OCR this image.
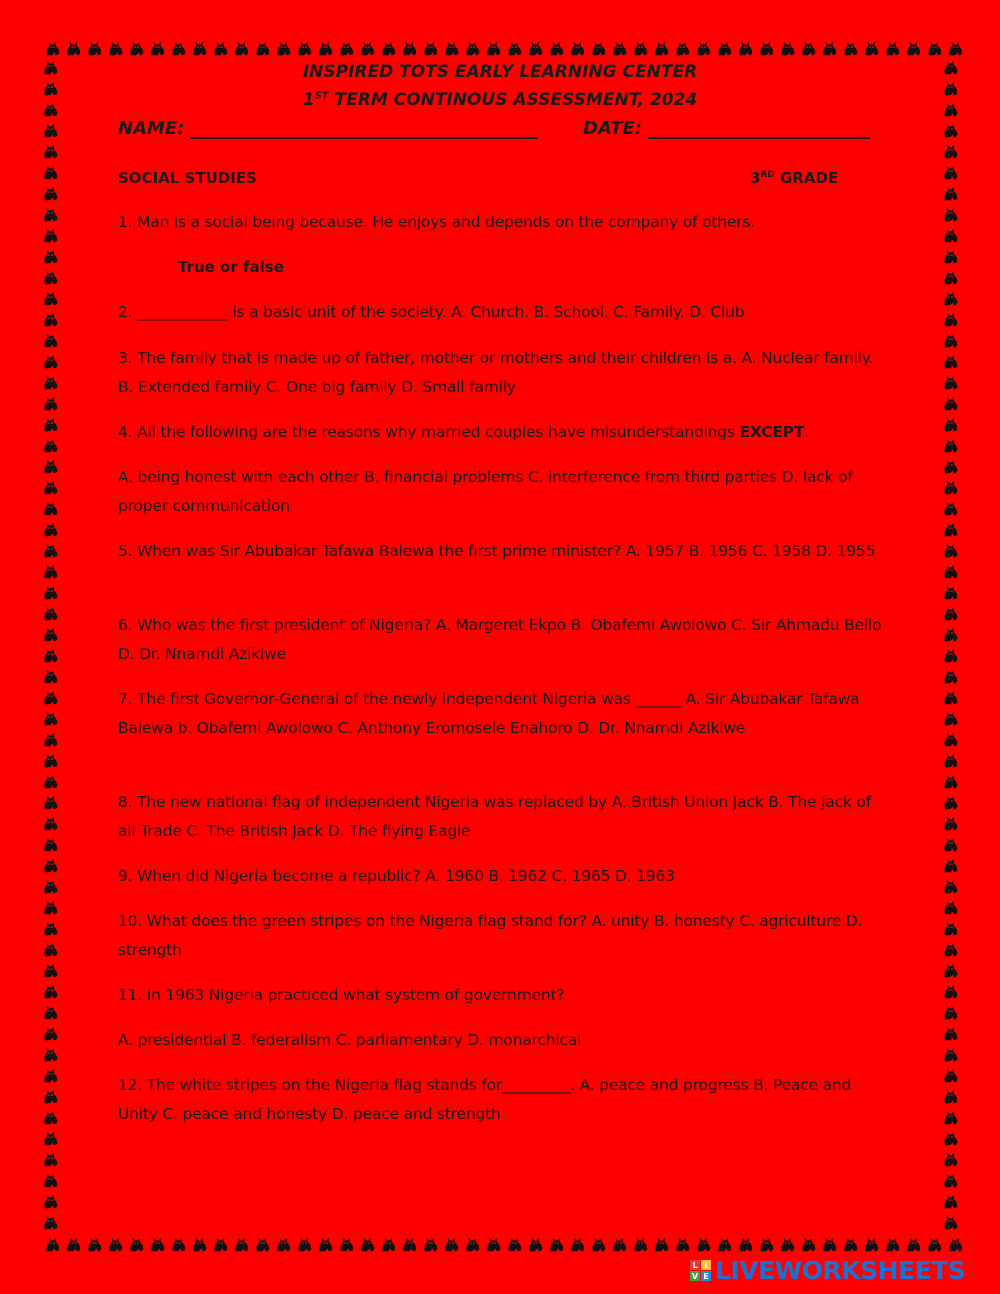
INSPIRED TOTS EARLY LEARNING CENTER
1ST TERM CONTINOUS ASSESSMENT, 2024
NAME:	DATE:
SOCIAL STUDIES	3RD GRADE
1. Man is a social being because. He enjoys and depends on the company of others.
True or false
2. ____________ is a basic unit of the society. A. Church. B. School. C. Family. D. Club
3. The family that is made up of father, mother or mothers and their children is a. A. Nuclear family. B. Extended family C. One big family D. Small family
4. All the following are the reasons why married couples have misunderstandings EXCEPT.
A. being honest with each other B. financial problems C. interference from third parties D. lack of proper communication
5. When was Sir Abubakar Tafawa Balewa the first prime minister? A. 1957 B. 1956 C. 1958 D. 1955
6. Who was the first president of Nigeria? A. Margeret Ekpo B. Obafemi Awolowo C. Sir Ahmadu Bello D. Dr. Nnamdi Azikiwe
7. The first Governor-General of the newly independent Nigeria was ______ A. Sir Abubakar Tafawa Balewa b. Obafemi Awolowo C. Anthony Eromosele Enahoro D. Dr. Nnamdi Azikiwe
8. The new national flag of independent Nigeria was replaced by A. British Union Jack B. The Jack of all Trade C. The British Jack D. The flying Eagle
9. When did Nigeria become a republic? A. 1960 B. 1962 C. 1965 D. 1963
10. What does the green stripes on the Nigeria flag stand for? A. unity B. honesty C. agriculture D. strength
11. In 1963 Nigeria practiced what system of government?
A. presidential B. federalism C. parliamentary D. monarchical
12. The white stripes on the Nigeria flag stands for_________. A. peace and progress B. Peace and Unity C. peace and honesty D. peace and strength
L I
V E LIVEWORKSHEETS
